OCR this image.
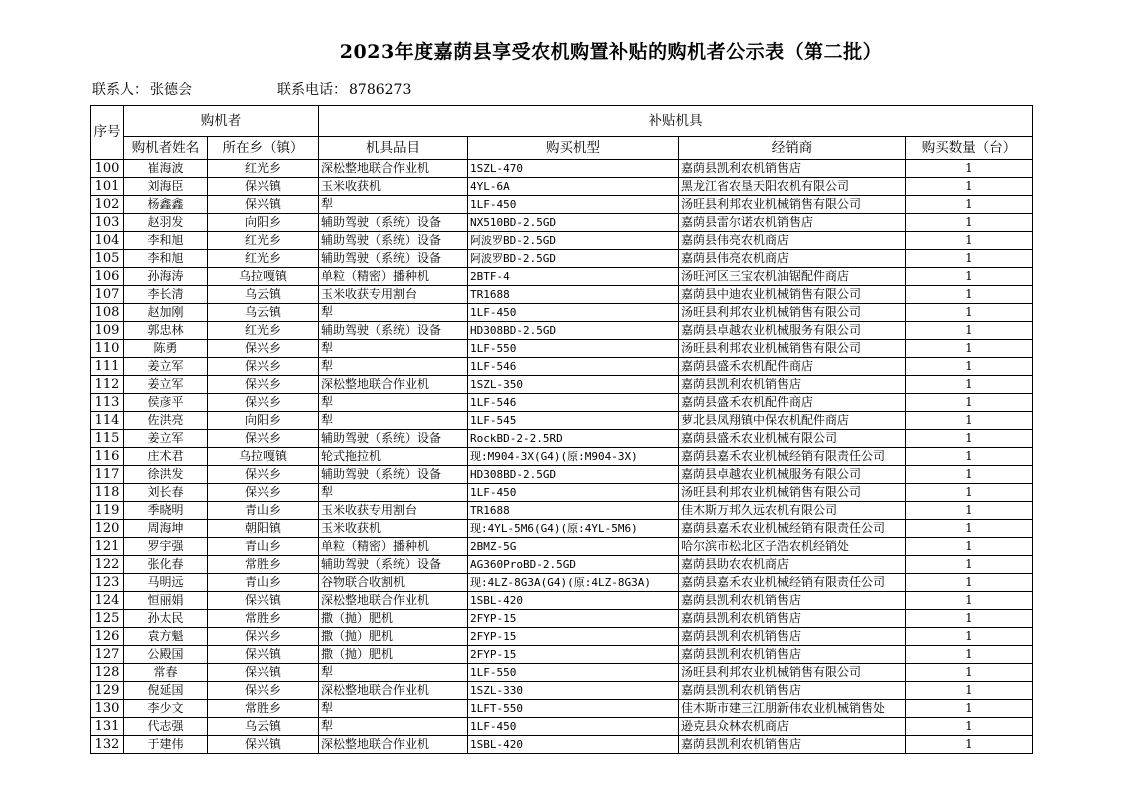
2023年度嘉荫县享受农机购置补贴的购机者公示表（第二批）
联系人： 张德会	联系电话： 8786273
序号	购机者		补贴机具			
	购机者姓名	所在乡（镇）	机具品目	购买机型	经销商	购买数量（台）
100	崔海波	红光乡	深松整地联合作业机	1SZL-470	嘉荫县凯利农机销售店	1
101	刘海臣	保兴镇	玉米收获机	4YL-6A	黑龙江省农垦天阳农机有限公司	1
102	杨鑫鑫	保兴镇	犁	1LF-450	汤旺县利邦农业机械销售有限公司	1
103	赵羽发	向阳乡	辅助驾驶（系统）设备	NX510BD-2.5GD	嘉荫县雷尔诺农机销售店	1
104	李和旭	红光乡	辅助驾驶（系统）设备	阿波罗BD-2.5GD	嘉荫县伟亮农机商店	1
105	李和旭	红光乡	辅助驾驶（系统）设备	阿波罗BD-2.5GD	嘉荫县伟亮农机商店	1
106	孙海涛	乌拉嘎镇	单粒（精密）播种机	2BTF-4	汤旺河区三宝农机油锯配件商店	1
107	李长清	乌云镇	玉米收获专用割台	TR1688	嘉荫县中迪农业机械销售有限公司	1
108	赵加刚	乌云镇	犁	1LF-450	汤旺县利邦农业机械销售有限公司	1
109	郭忠林	红光乡	辅助驾驶（系统）设备	HD308BD-2.5GD	嘉荫县卓越农业机械服务有限公司	1
110	陈勇	保兴乡	犁	1LF-550	汤旺县利邦农业机械销售有限公司	1
111	姜立军	保兴乡	犁	1LF-546	嘉荫县盛禾农机配件商店	1
112	姜立军	保兴乡	深松整地联合作业机	1SZL-350	嘉荫县凯利农机销售店	1
113	侯彦平	保兴乡	犁	1LF-546	嘉荫县盛禾农机配件商店	1
114	佐洪亮	向阳乡	犁	1LF-545	萝北县凤翔镇中保农机配件商店	1
115	姜立军	保兴乡	辅助驾驶（系统）设备	RockBD-2-2.5RD	嘉荫县盛禾农业机械有限公司	1
116	庄术君	乌拉嘎镇	轮式拖拉机	现:M904-3X(G4)(原:M904-3X)	嘉荫县嘉禾农业机械经销有限责任公司	1
117	徐洪发	保兴乡	辅助驾驶（系统）设备	HD308BD-2.5GD	嘉荫县卓越农业机械服务有限公司	1
118	刘长春	保兴乡	犁	1LF-450	汤旺县利邦农业机械销售有限公司	1
119	季晓明	青山乡	玉米收获专用割台	TR1688	佳木斯万邦久远农机有限公司	1
120	周海坤	朝阳镇	玉米收获机	现:4YL-5M6(G4)(原:4YL-5M6)	嘉荫县嘉禾农业机械经销有限责任公司	1
121	罗宇强	青山乡	单粒（精密）播种机	2BMZ-5G	哈尔滨市松北区子浩农机经销处	1
122	张化春	常胜乡	辅助驾驶（系统）设备	AG360ProBD-2.5GD	嘉荫县助农农机商店	1
123	马明远	青山乡	谷物联合收割机	现:4LZ-8G3A(G4)(原:4LZ-8G3A)	嘉荫县嘉禾农业机械经销有限责任公司	1
124	恒丽娟	保兴镇	深松整地联合作业机	1SBL-420	嘉荫县凯利农机销售店	1
125	孙太民	常胜乡	撒（抛）肥机	2FYP-15	嘉荫县凯利农机销售店	1
126	袁方魁	保兴乡	撒（抛）肥机	2FYP-15	嘉荫县凯利农机销售店	1
127	公殿国	保兴镇	撒（抛）肥机	2FYP-15	嘉荫县凯利农机销售店	1
128	常春	保兴镇	犁	1LF-550	汤旺县利邦农业机械销售有限公司	1
129	倪延国	保兴乡	深松整地联合作业机	1SZL-330	嘉荫县凯利农机销售店	1
130	李少文	常胜乡	犁	1LFT-550	佳木斯市建三江朋新伟农业机械销售处	1
131	代志强	乌云镇	犁	1LF-450	逊克县众林农机商店	1
132	于建伟	保兴镇	深松整地联合作业机	1SBL-420	嘉荫县凯利农机销售店	1
